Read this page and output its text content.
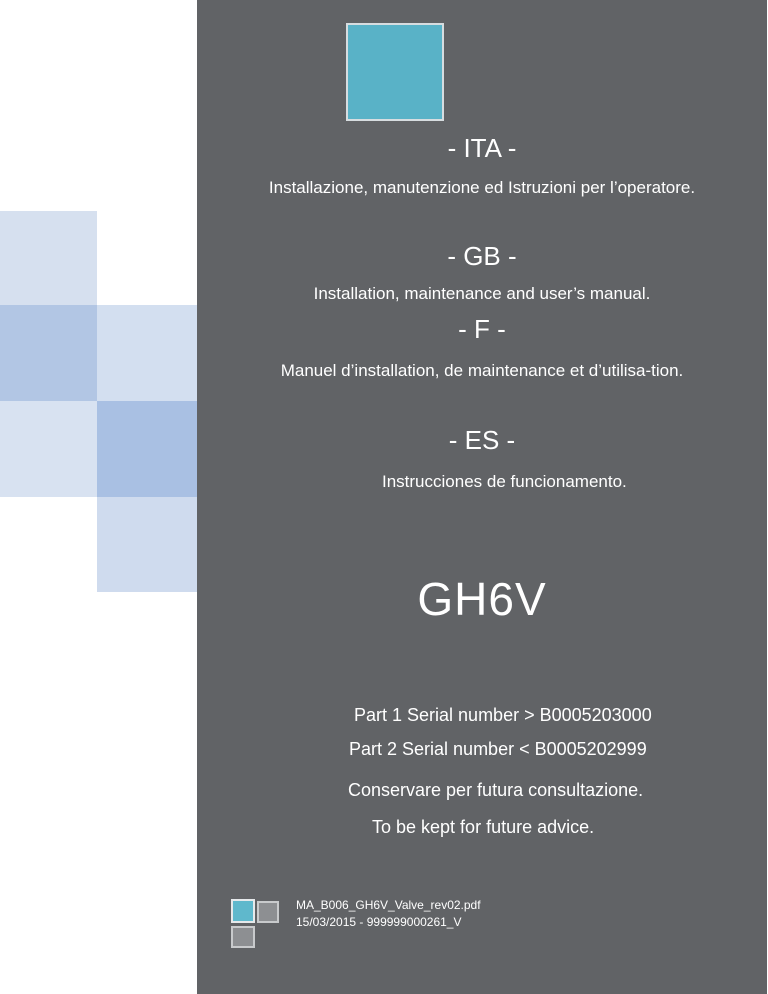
- ITA -
Installazione, manutenzione ed Istruzioni per l’operatore.
- GB -
Installation, maintenance and user’s manual.
- F -
Manuel d’installation, de maintenance et d’utilisa-tion.
- ES -
Instrucciones de funcionamento.
GH6V
Part 1 Serial number > B0005203000
Part 2 Serial number < B0005202999
Conservare per futura consultazione.
To be kept for future advice.
MA_B006_GH6V_Valve_rev02.pdf
15/03/2015 - 999999000261_V
